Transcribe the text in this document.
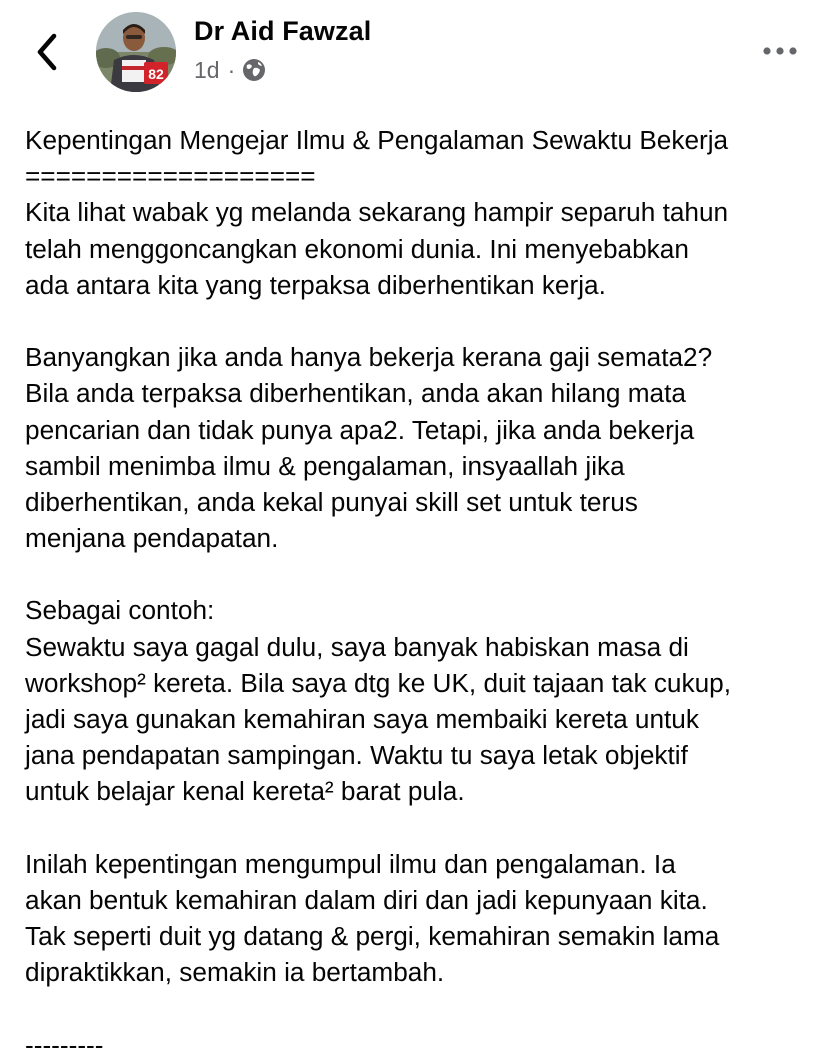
82
Dr Aid Fawzal
1d ·
Kepentingan Mengejar Ilmu & Pengalaman Sewaktu Bekerja
===================
Kita lihat wabak yg melanda sekarang hampir separuh tahun
telah menggoncangkan ekonomi dunia. Ini menyebabkan
ada antara kita yang terpaksa diberhentikan kerja.
Banyangkan jika anda hanya bekerja kerana gaji semata2?
Bila anda terpaksa diberhentikan, anda akan hilang mata
pencarian dan tidak punya apa2. Tetapi, jika anda bekerja
sambil menimba ilmu & pengalaman, insyaallah jika
diberhentikan, anda kekal punyai skill set untuk terus
menjana pendapatan.
Sebagai contoh:
Sewaktu saya gagal dulu, saya banyak habiskan masa di
workshop² kereta. Bila saya dtg ke UK, duit tajaan tak cukup,
jadi saya gunakan kemahiran saya membaiki kereta untuk
jana pendapatan sampingan. Waktu tu saya letak objektif
untuk belajar kenal kereta² barat pula.
Inilah kepentingan mengumpul ilmu dan pengalaman. Ia
akan bentuk kemahiran dalam diri dan jadi kepunyaan kita.
Tak seperti duit yg datang & pergi, kemahiran semakin lama
dipraktikkan, semakin ia bertambah.
---------
